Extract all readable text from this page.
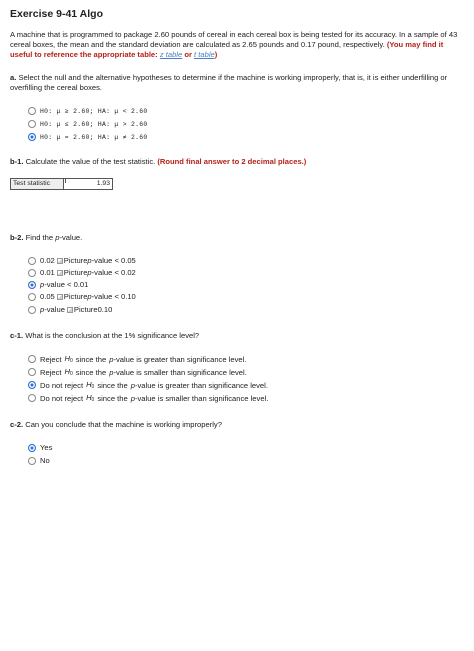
Exercise 9-41 Algo
A machine that is programmed to package 2.60 pounds of cereal in each cereal box is being tested for its accuracy. In a sample of 43 cereal boxes, the mean and the standard deviation are calculated as 2.65 pounds and 0.17 pound, respectively. (You may find it useful to reference the appropriate table: z table or t table)
a. Select the null and the alternative hypotheses to determine if the machine is working improperly, that is, it is either underfilling or overfilling the cereal boxes.
H0: μ ≥ 2.60; HA: μ < 2.60
H0: μ ≤ 2.60; HA: μ > 2.60
H0: μ = 2.60; HA: μ ≠ 2.60
b-1. Calculate the value of the test statistic. (Round final answer to 2 decimal places.)
Test statistic	1.93
b-2. Find the p-value.
0.02 Picture p -value < 0.05
0.01 Picture p -value < 0.02
p -value < 0.01
0.05 Picture p -value < 0.10
p -value Picture 0.10
c-1. What is the conclusion at the 1% significance level?
Reject $H_0$ since the p -value is greater than significance level.
Reject $H_0$ since the p -value is smaller than significance level.
Do not reject $H_0$ since the p -value is greater than significance level.
Do not reject $H_0$ since the p -value is smaller than significance level.
c-2. Can you conclude that the machine is working improperly?
Yes
No
